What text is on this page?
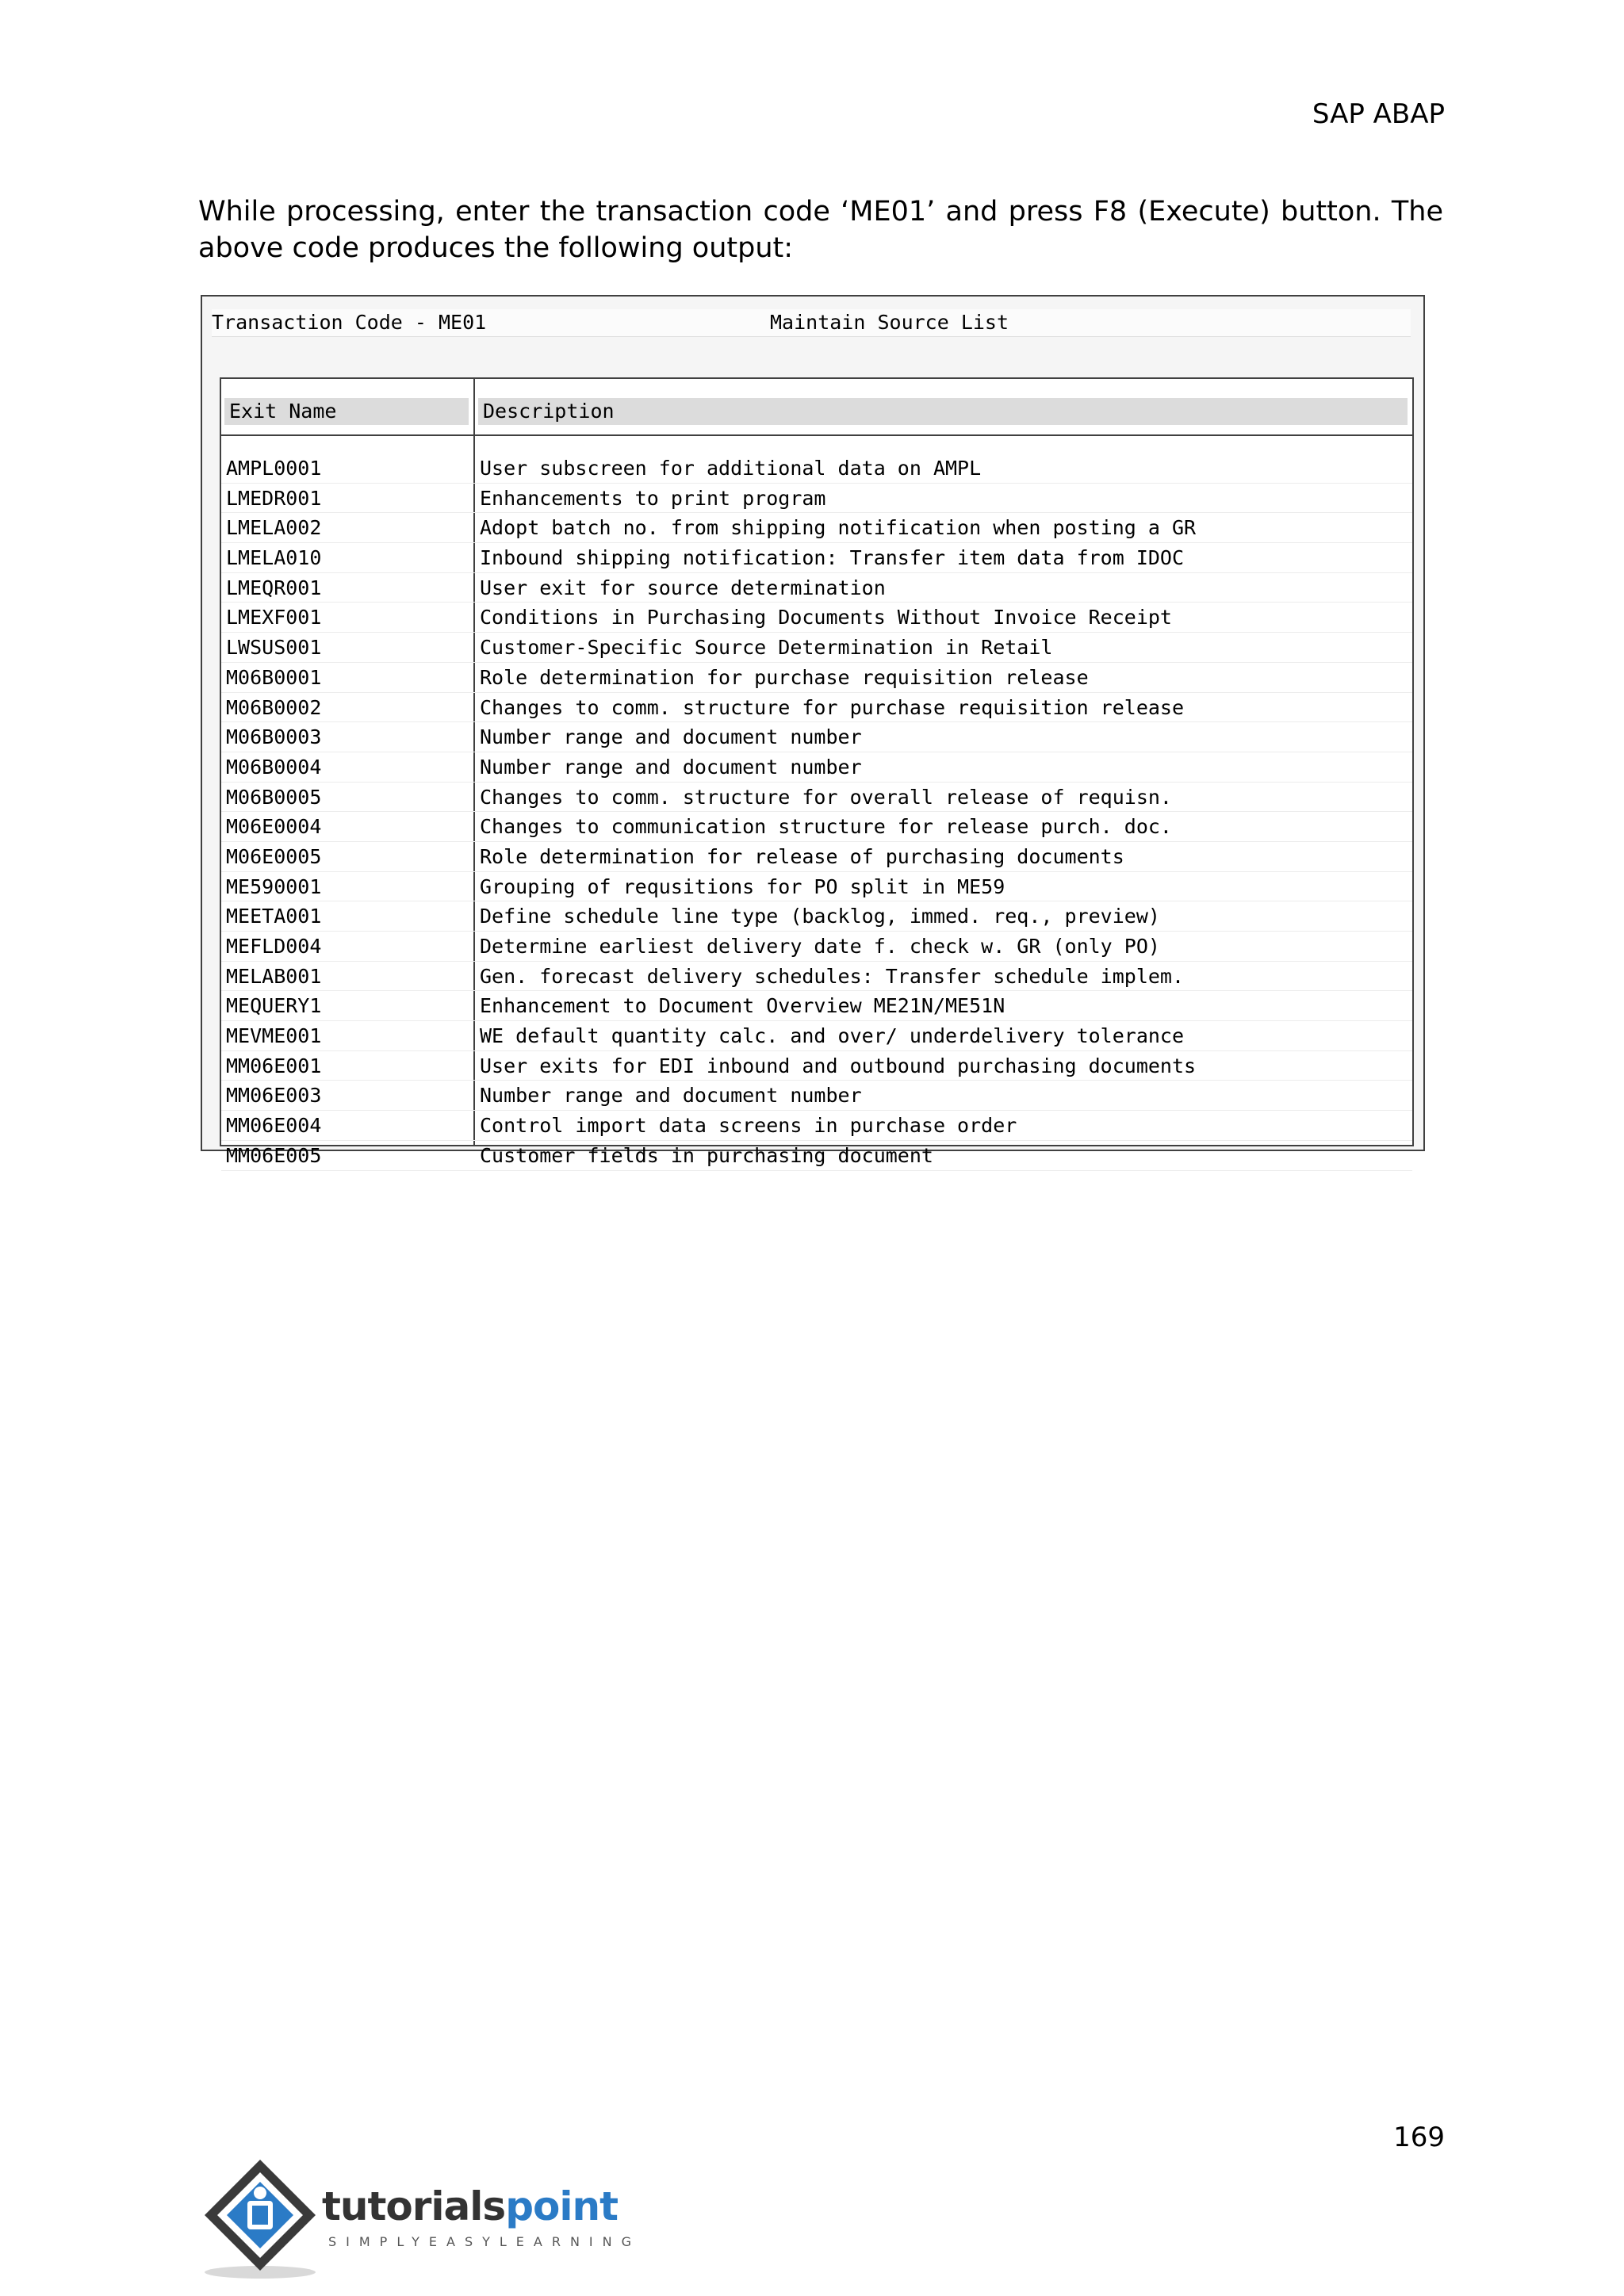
SAP ABAP
While processing, enter the transaction code ‘ME01’ and press F8 (Execute) button. The above code produces the following output:
Transaction Code - ME01	Maintain Source List
Exit Name	Description
AMPL0001	User subscreen for additional data on AMPL
LMEDR001	Enhancements to print program
LMELA002	Adopt batch no. from shipping notification when posting a GR
LMELA010	Inbound shipping notification: Transfer item data from IDOC
LMEQR001	User exit for source determination
LMEXF001	Conditions in Purchasing Documents Without Invoice Receipt
LWSUS001	Customer-Specific Source Determination in Retail
M06B0001	Role determination for purchase requisition release
M06B0002	Changes to comm. structure for purchase requisition release
M06B0003	Number range and document number
M06B0004	Number range and document number
M06B0005	Changes to comm. structure for overall release of requisn.
M06E0004	Changes to communication structure for release purch. doc.
M06E0005	Role determination for release of purchasing documents
ME590001	Grouping of requsitions for PO split in ME59
MEETA001	Define schedule line type (backlog, immed. req., preview)
MEFLD004	Determine earliest delivery date f. check w. GR (only PO)
MELAB001	Gen. forecast delivery schedules: Transfer schedule implem.
MEQUERY1	Enhancement to Document Overview ME21N/ME51N
MEVME001	WE default quantity calc. and over/ underdelivery tolerance
MM06E001	User exits for EDI inbound and outbound purchasing documents
MM06E003	Number range and document number
MM06E004	Control import data screens in purchase order
MM06E005	Customer fields in purchasing document
169
tutorialspoint
SIMPLYEASYLEARNING
